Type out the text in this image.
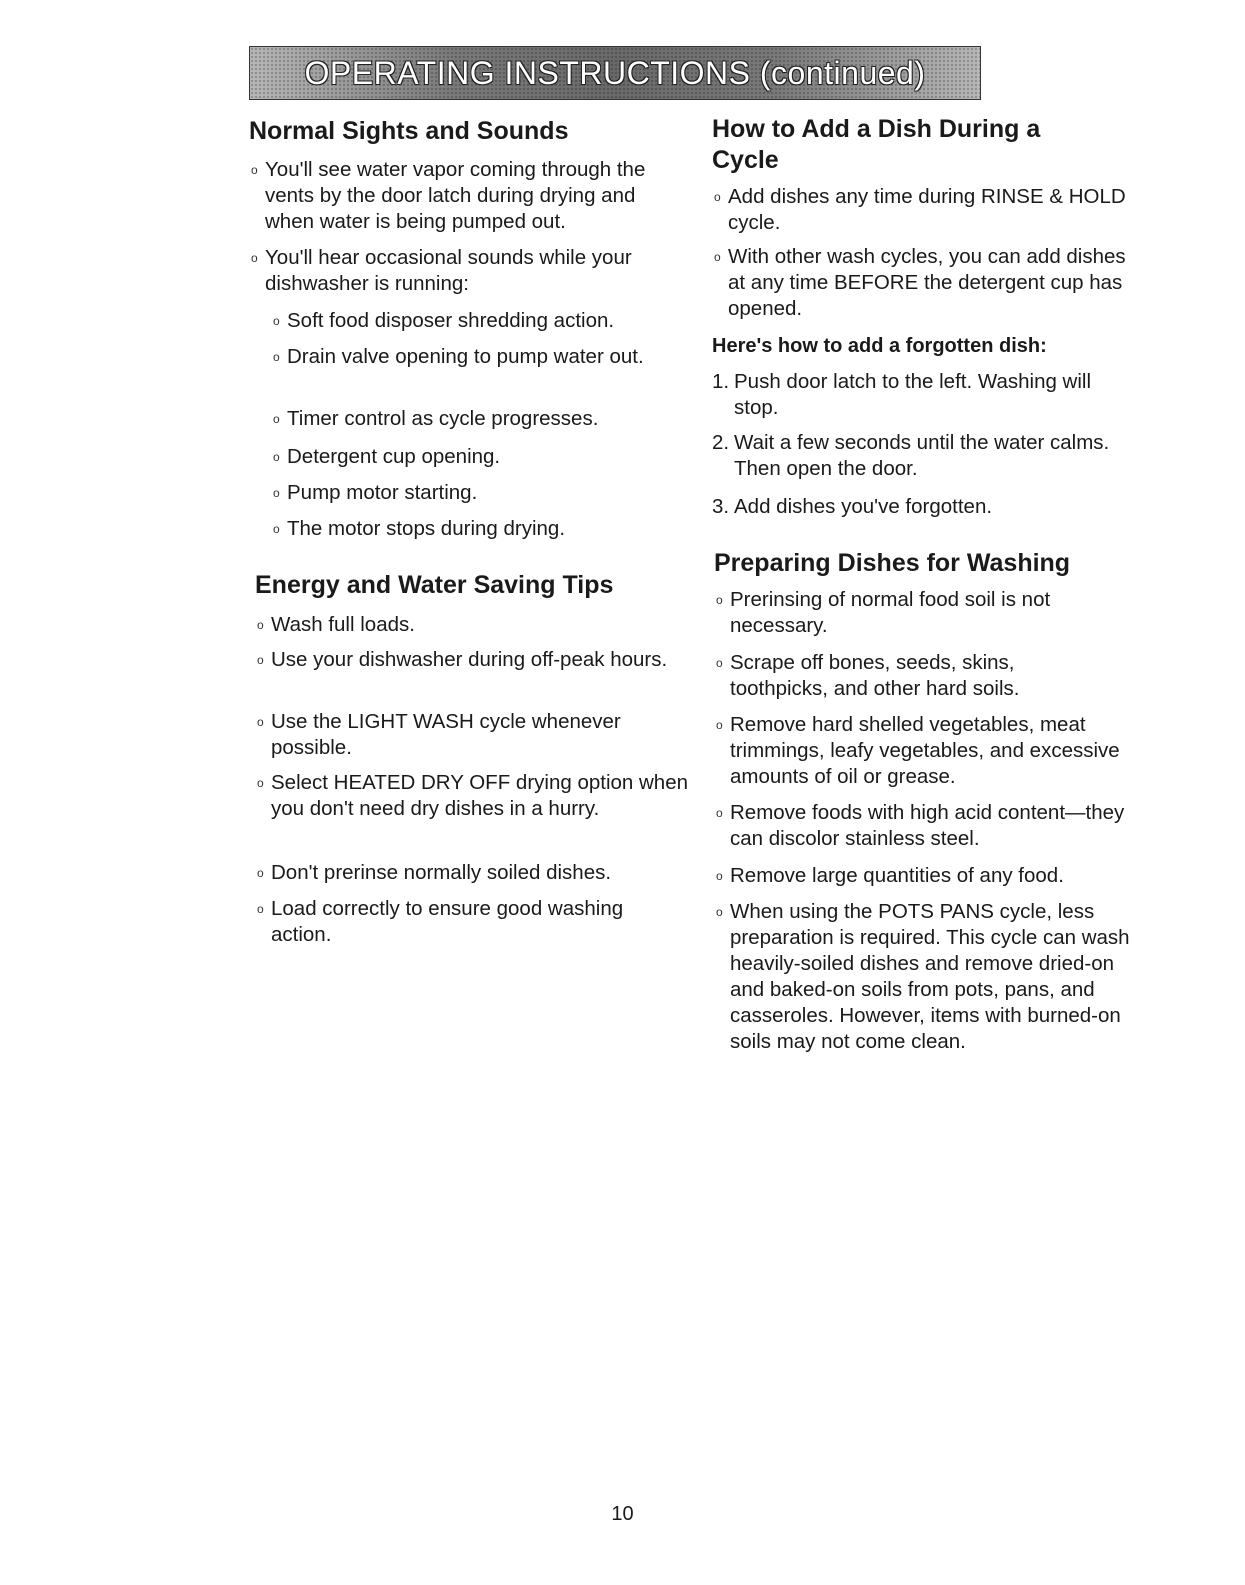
OPERATING INSTRUCTIONS (continued)
Normal Sights and Sounds
o You'll see water vapor coming through the vents by the door latch during drying and when water is being pumped out.
o You'll hear occasional sounds while your dishwasher is running:
o Soft food disposer shredding action.
o Drain valve opening to pump water out.
o Timer control as cycle progresses.
o Detergent cup opening.
o Pump motor starting.
o The motor stops during drying.
Energy and Water Saving Tips
o Wash full loads.
o Use your dishwasher during off-peak hours.
o Use the LIGHT WASH cycle whenever possible.
o Select HEATED DRY OFF drying option when you don't need dry dishes in a hurry.
o Don't prerinse normally soiled dishes.
o Load correctly to ensure good washing action.
How to Add a Dish During a Cycle
o Add dishes any time during RINSE & HOLD cycle.
o With other wash cycles, you can add dishes at any time BEFORE the detergent cup has opened.
Here's how to add a forgotten dish:
1. Push door latch to the left. Washing will stop.
2. Wait a few seconds until the water calms. Then open the door.
3. Add dishes you've forgotten.
Preparing Dishes for Washing
o Prerinsing of normal food soil is not necessary.
o Scrape off bones, seeds, skins, toothpicks, and other hard soils.
o Remove hard shelled vegetables, meat trimmings, leafy vegetables, and excessive amounts of oil or grease.
o Remove foods with high acid content—they can discolor stainless steel.
o Remove large quantities of any food.
o When using the POTS PANS cycle, less preparation is required. This cycle can wash heavily-soiled dishes and remove dried-on and baked-on soils from pots, pans, and casseroles. However, items with burned-on soils may not come clean.
10
